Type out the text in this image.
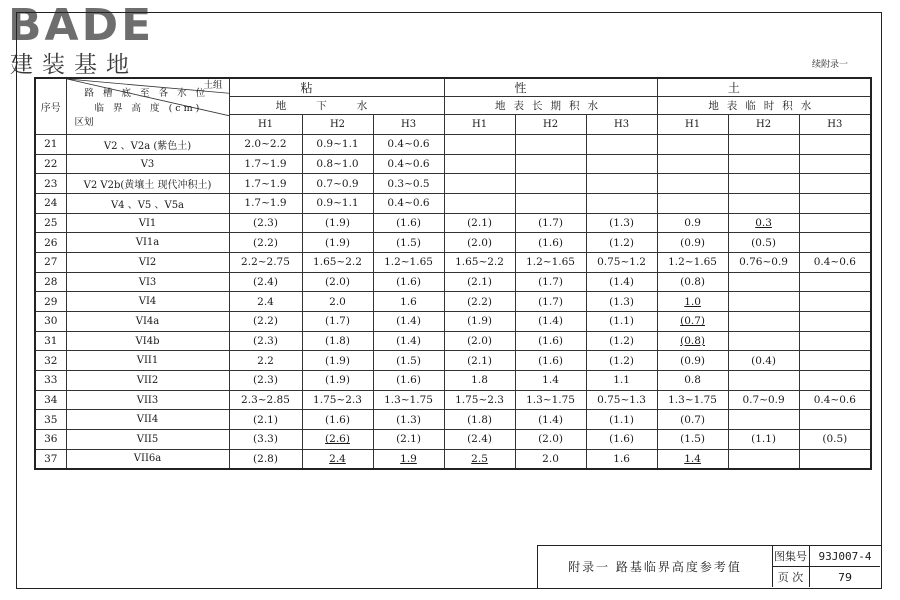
BADE
建装基地	续附录一
序号	土组
路 槽 底 至 各 水 位
临 界 高 度 (cm)
区划	粘			性			土		
		地下水			地表长期积水			地表临时积水		
		H1	H2	H3	H1	H2	H3	H1	H2	H3
21	V2 、V2a (紫色土)	2.0~2.2	0.9~1.1	0.4~0.6						
22	V3	1.7~1.9	0.8~1.0	0.4~0.6						
23	V2 V2b(黄壤土 现代冲积土)	1.7~1.9	0.7~0.9	0.3~0.5						
24	V4 、V5 、V5a	1.7~1.9	0.9~1.1	0.4~0.6						
25	VI1	(2.3)	(1.9)	(1.6)	(2.1)	(1.7)	(1.3)	0.9	0.3	
26	VI1a	(2.2)	(1.9)	(1.5)	(2.0)	(1.6)	(1.2)	(0.9)	(0.5)	
27	VI2	2.2~2.75	1.65~2.2	1.2~1.65	1.65~2.2	1.2~1.65	0.75~1.2	1.2~1.65	0.76~0.9	0.4~0.6
28	VI3	(2.4)	(2.0)	(1.6)	(2.1)	(1.7)	(1.4)	(0.8)		
29	VI4	2.4	2.0	1.6	(2.2)	(1.7)	(1.3)	1.0		
30	VI4a	(2.2)	(1.7)	(1.4)	(1.9)	(1.4)	(1.1)	(0.7)		
31	VI4b	(2.3)	(1.8)	(1.4)	(2.0)	(1.6)	(1.2)	(0.8)		
32	VII1	2.2	(1.9)	(1.5)	(2.1)	(1.6)	(1.2)	(0.9)	(0.4)	
33	VII2	(2.3)	(1.9)	(1.6)	1.8	1.4	1.1	0.8		
34	VII3	2.3~2.85	1.75~2.3	1.3~1.75	1.75~2.3	1.3~1.75	0.75~1.3	1.3~1.75	0.7~0.9	0.4~0.6
35	VII4	(2.1)	(1.6)	(1.3)	(1.8)	(1.4)	(1.1)	(0.7)		
36	VII5	(3.3)	(2.6)	(2.1)	(2.4)	(2.0)	(1.6)	(1.5)	(1.1)	(0.5)
37	VII6a	(2.8)	2.4	1.9	2.5	2.0	1.6	1.4		
附录一 路基临界高度参考值
图集号	93J007-4
页 次	79
